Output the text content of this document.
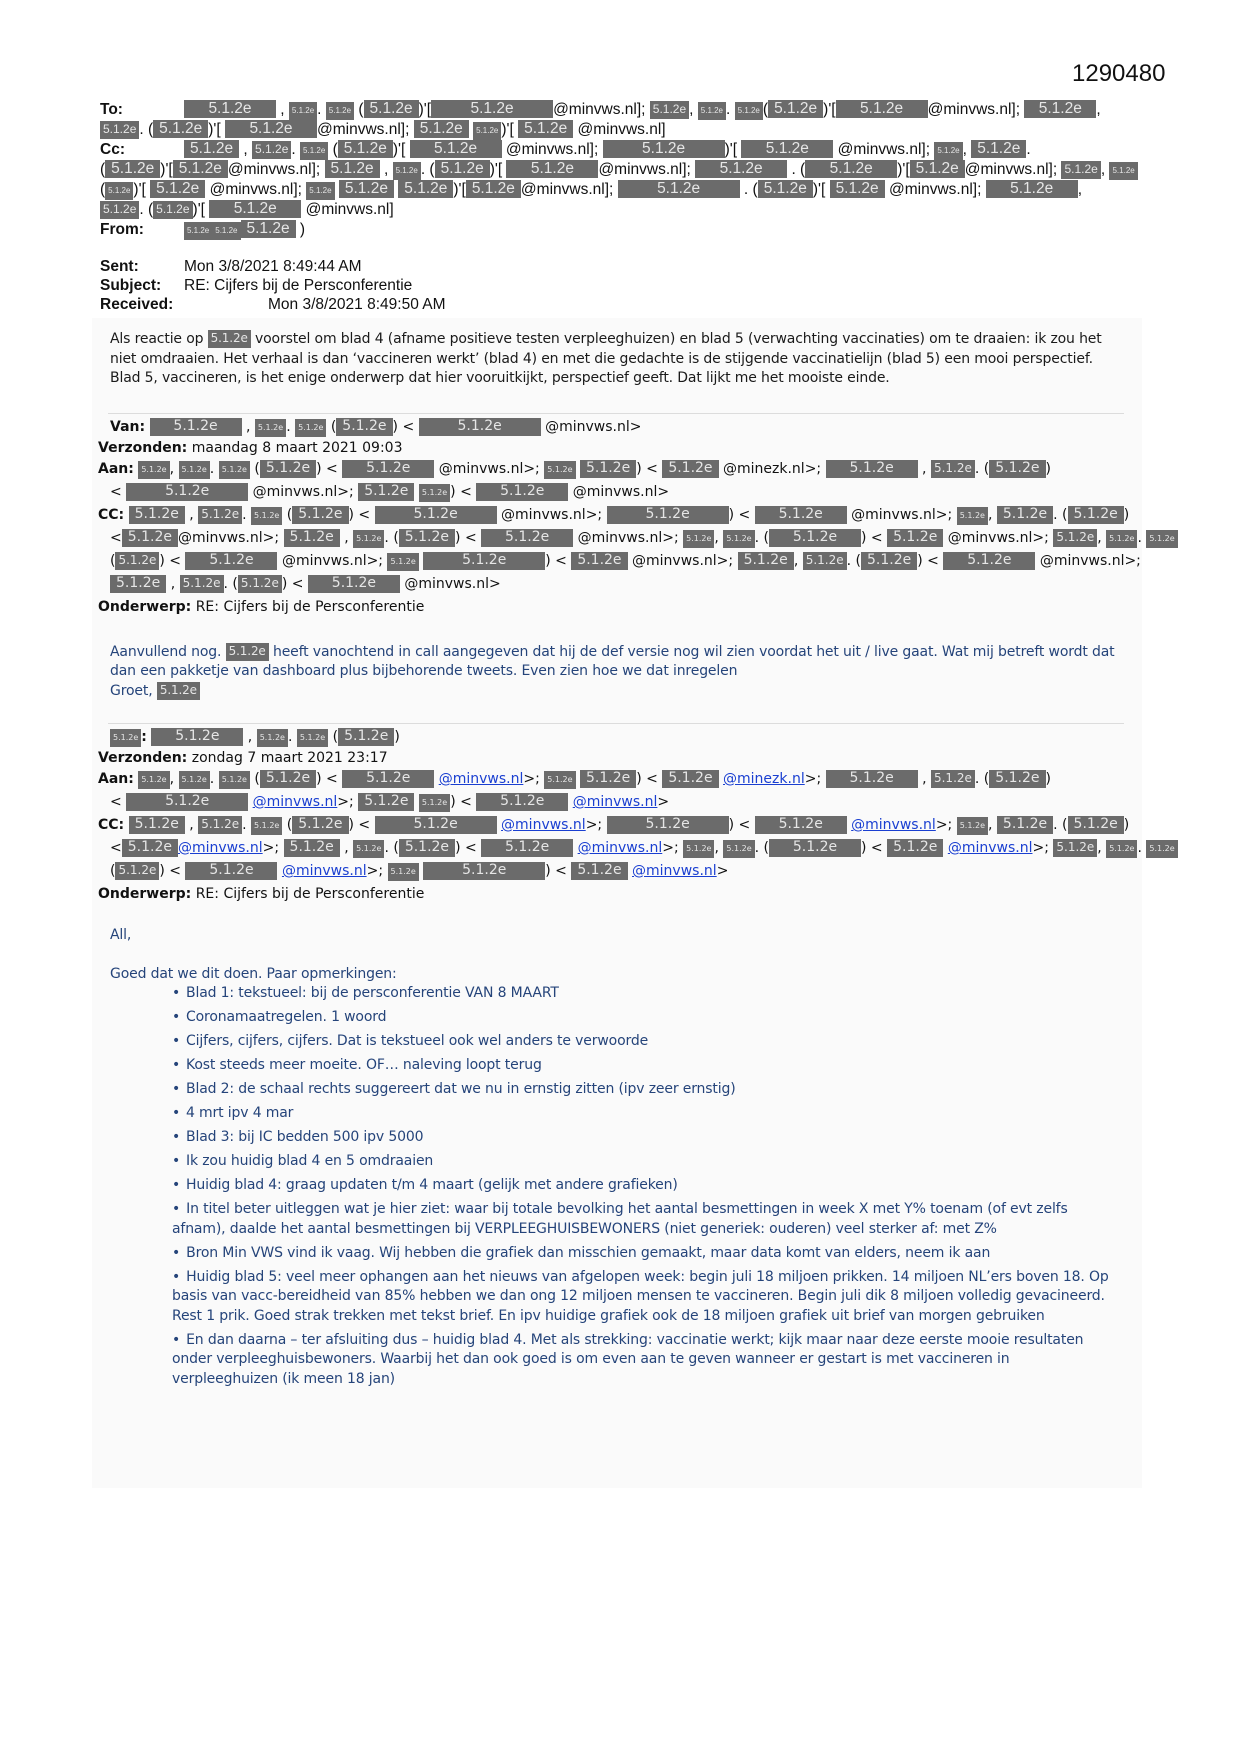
1290480
To:	5.1.2e , 5.1.2e . 5.1.2e ( 5.1.2e )'[	5.1.2e	@minvws.nl]; 5.1.2e , 5.1.2e . 5.1.2e ( 5.1.2e )'[ 5.1.2e @minvws.nl]; 5.1.2e ,
5.1.2e . ( 5.1.2e )'[ 5.1.2e @minvws.nl]; 5.1.2e 5.1.2e )'[ 5.1.2e @minvws.nl]
Cc:	5.1.2e , 5.1.2e . 5.1.2e ( 5.1.2e )'[ 5.1.2e @minvws.nl];	5.1.2e	)'[ 5.1.2e @minvws.nl]; 5.1.2e , 5.1.2e .
( 5.1.2e )'[ 5.1.2e @minvws.nl]; 5.1.2e , 5.1.2e . ( 5.1.2e )'[ 5.1.2e @minvws.nl]; 5.1.2e . ( 5.1.2e )'[ 5.1.2e @minvws.nl]; 5.1.2e , 5.1.2e
( 5.1.2e )'[ 5.1.2e @minvws.nl]; 5.1.2e 5.1.2e 5.1.2e )'[ 5.1.2e @minvws.nl];	5.1.2e	. ( 5.1.2e )'[ 5.1.2e @minvws.nl]; 5.1.2e ,
5.1.2e . ( 5.1.2e )'[ 5.1.2e @minvws.nl]
From:	5.1.2e 5.1.2e 5.1.2e )
Sent:	Mon 3/8/2021 8:49:44 AM
Subject: RE: Cijfers bij de Persconferentie
Received:	Mon 3/8/2021 8:49:50 AM
Als reactie op 5.1.2e voorstel om blad 4 (afname positieve testen verpleeghuizen) en blad 5 (verwachting vaccinaties) om te draaien: ik zou het niet omdraaien. Het verhaal is dan ‘vaccineren werkt’ (blad 4) en met die gedachte is de stijgende vaccinatielijn (blad 5) een mooi perspectief. Blad 5, vaccineren, is het enige onderwerp dat hier vooruitkijkt, perspectief geeft. Dat lijkt me het mooiste einde.
Van: 5.1.2e , 5.1.2e . 5.1.2e ( 5.1.2e ) <	5.1.2e	@minvws.nl>
Verzonden: maandag 8 maart 2021 09:03
Aan: 5.1.2e , 5.1.2e . 5.1.2e ( 5.1.2e ) < 5.1.2e @minvws.nl>; 5.1.2e 5.1.2e ) < 5.1.2e @minezk.nl>; 5.1.2e , 5.1.2e . ( 5.1.2e )
<	5.1.2e	@minvws.nl>; 5.1.2e 5.1.2e ) < 5.1.2e @minvws.nl>
CC: 5.1.2e , 5.1.2e . 5.1.2e ( 5.1.2e ) <	5.1.2e	@minvws.nl>;	5.1.2e	) < 5.1.2e @minvws.nl>; 5.1.2e , 5.1.2e . ( 5.1.2e )
< 5.1.2e @minvws.nl>; 5.1.2e , 5.1.2e . ( 5.1.2e ) < 5.1.2e @minvws.nl>; 5.1.2e , 5.1.2e . ( 5.1.2e ) < 5.1.2e @minvws.nl>; 5.1.2e , 5.1.2e . 5.1.2e
( 5.1.2e ) < 5.1.2e @minvws.nl>; 5.1.2e	5.1.2e	) < 5.1.2e @minvws.nl>; 5.1.2e , 5.1.2e . ( 5.1.2e ) < 5.1.2e @minvws.nl>;
5.1.2e , 5.1.2e . ( 5.1.2e ) < 5.1.2e @minvws.nl>
Onderwerp: RE: Cijfers bij de Persconferentie
Aanvullend nog. 5.1.2e heeft vanochtend in call aangegeven dat hij de def versie nog wil zien voordat het uit / live gaat. Wat mij betreft wordt dat dan een pakketje van dashboard plus bijbehorende tweets. Even zien hoe we dat inregelen
Groet, 5.1.2e
5.1.2e : 5.1.2e , 5.1.2e . 5.1.2e ( 5.1.2e )
Verzonden: zondag 7 maart 2021 23:17
Aan: 5.1.2e , 5.1.2e . 5.1.2e ( 5.1.2e ) < 5.1.2e @minvws.nl>; 5.1.2e 5.1.2e ) < 5.1.2e @minezk.nl>; 5.1.2e , 5.1.2e . ( 5.1.2e )
<	5.1.2e	@minvws.nl>; 5.1.2e 5.1.2e ) < 5.1.2e @minvws.nl>
CC: 5.1.2e , 5.1.2e . 5.1.2e ( 5.1.2e ) <	5.1.2e	@minvws.nl>;	5.1.2e	) < 5.1.2e @minvws.nl>; 5.1.2e , 5.1.2e . ( 5.1.2e )
< 5.1.2e @minvws.nl>; 5.1.2e , 5.1.2e . ( 5.1.2e ) < 5.1.2e @minvws.nl>; 5.1.2e , 5.1.2e . ( 5.1.2e ) < 5.1.2e @minvws.nl>; 5.1.2e , 5.1.2e . 5.1.2e
( 5.1.2e ) < 5.1.2e @minvws.nl>; 5.1.2e	5.1.2e	) < 5.1.2e @minvws.nl>
Onderwerp: RE: Cijfers bij de Persconferentie
All,
Goed dat we dit doen. Paar opmerkingen:
• Blad 1: tekstueel: bij de persconferentie VAN 8 MAART
• Coronamaatregelen. 1 woord
• Cijfers, cijfers, cijfers. Dat is tekstueel ook wel anders te verwoorde
• Kost steeds meer moeite. OF… naleving loopt terug
• Blad 2: de schaal rechts suggereert dat we nu in ernstig zitten (ipv zeer ernstig)
• 4 mrt ipv 4 mar
• Blad 3: bij IC bedden 500 ipv 5000
• Ik zou huidig blad 4 en 5 omdraaien
• Huidig blad 4: graag updaten t/m 4 maart (gelijk met andere grafieken)
• In titel beter uitleggen wat je hier ziet: waar bij totale bevolking het aantal besmettingen in week X met Y% toenam (of evt zelfs afnam), daalde het aantal besmettingen bij VERPLEEGHUISBEWONERS (niet generiek: ouderen) veel sterker af: met Z%
• Bron Min VWS vind ik vaag. Wij hebben die grafiek dan misschien gemaakt, maar data komt van elders, neem ik aan
• Huidig blad 5: veel meer ophangen aan het nieuws van afgelopen week: begin juli 18 miljoen prikken. 14 miljoen NL’ers boven 18. Op basis van vacc-bereidheid van 85% hebben we dan ong 12 miljoen mensen te vaccineren. Begin juli dik 8 miljoen volledig gevacineerd. Rest 1 prik. Goed strak trekken met tekst brief. En ipv huidige grafiek ook de 18 miljoen grafiek uit brief van morgen gebruiken
• En dan daarna – ter afsluiting dus – huidig blad 4. Met als strekking: vaccinatie werkt; kijk maar naar deze eerste mooie resultaten onder verpleeghuisbewoners. Waarbij het dan ook goed is om even aan te geven wanneer er gestart is met vaccineren in verpleeghuizen (ik meen 18 jan)
